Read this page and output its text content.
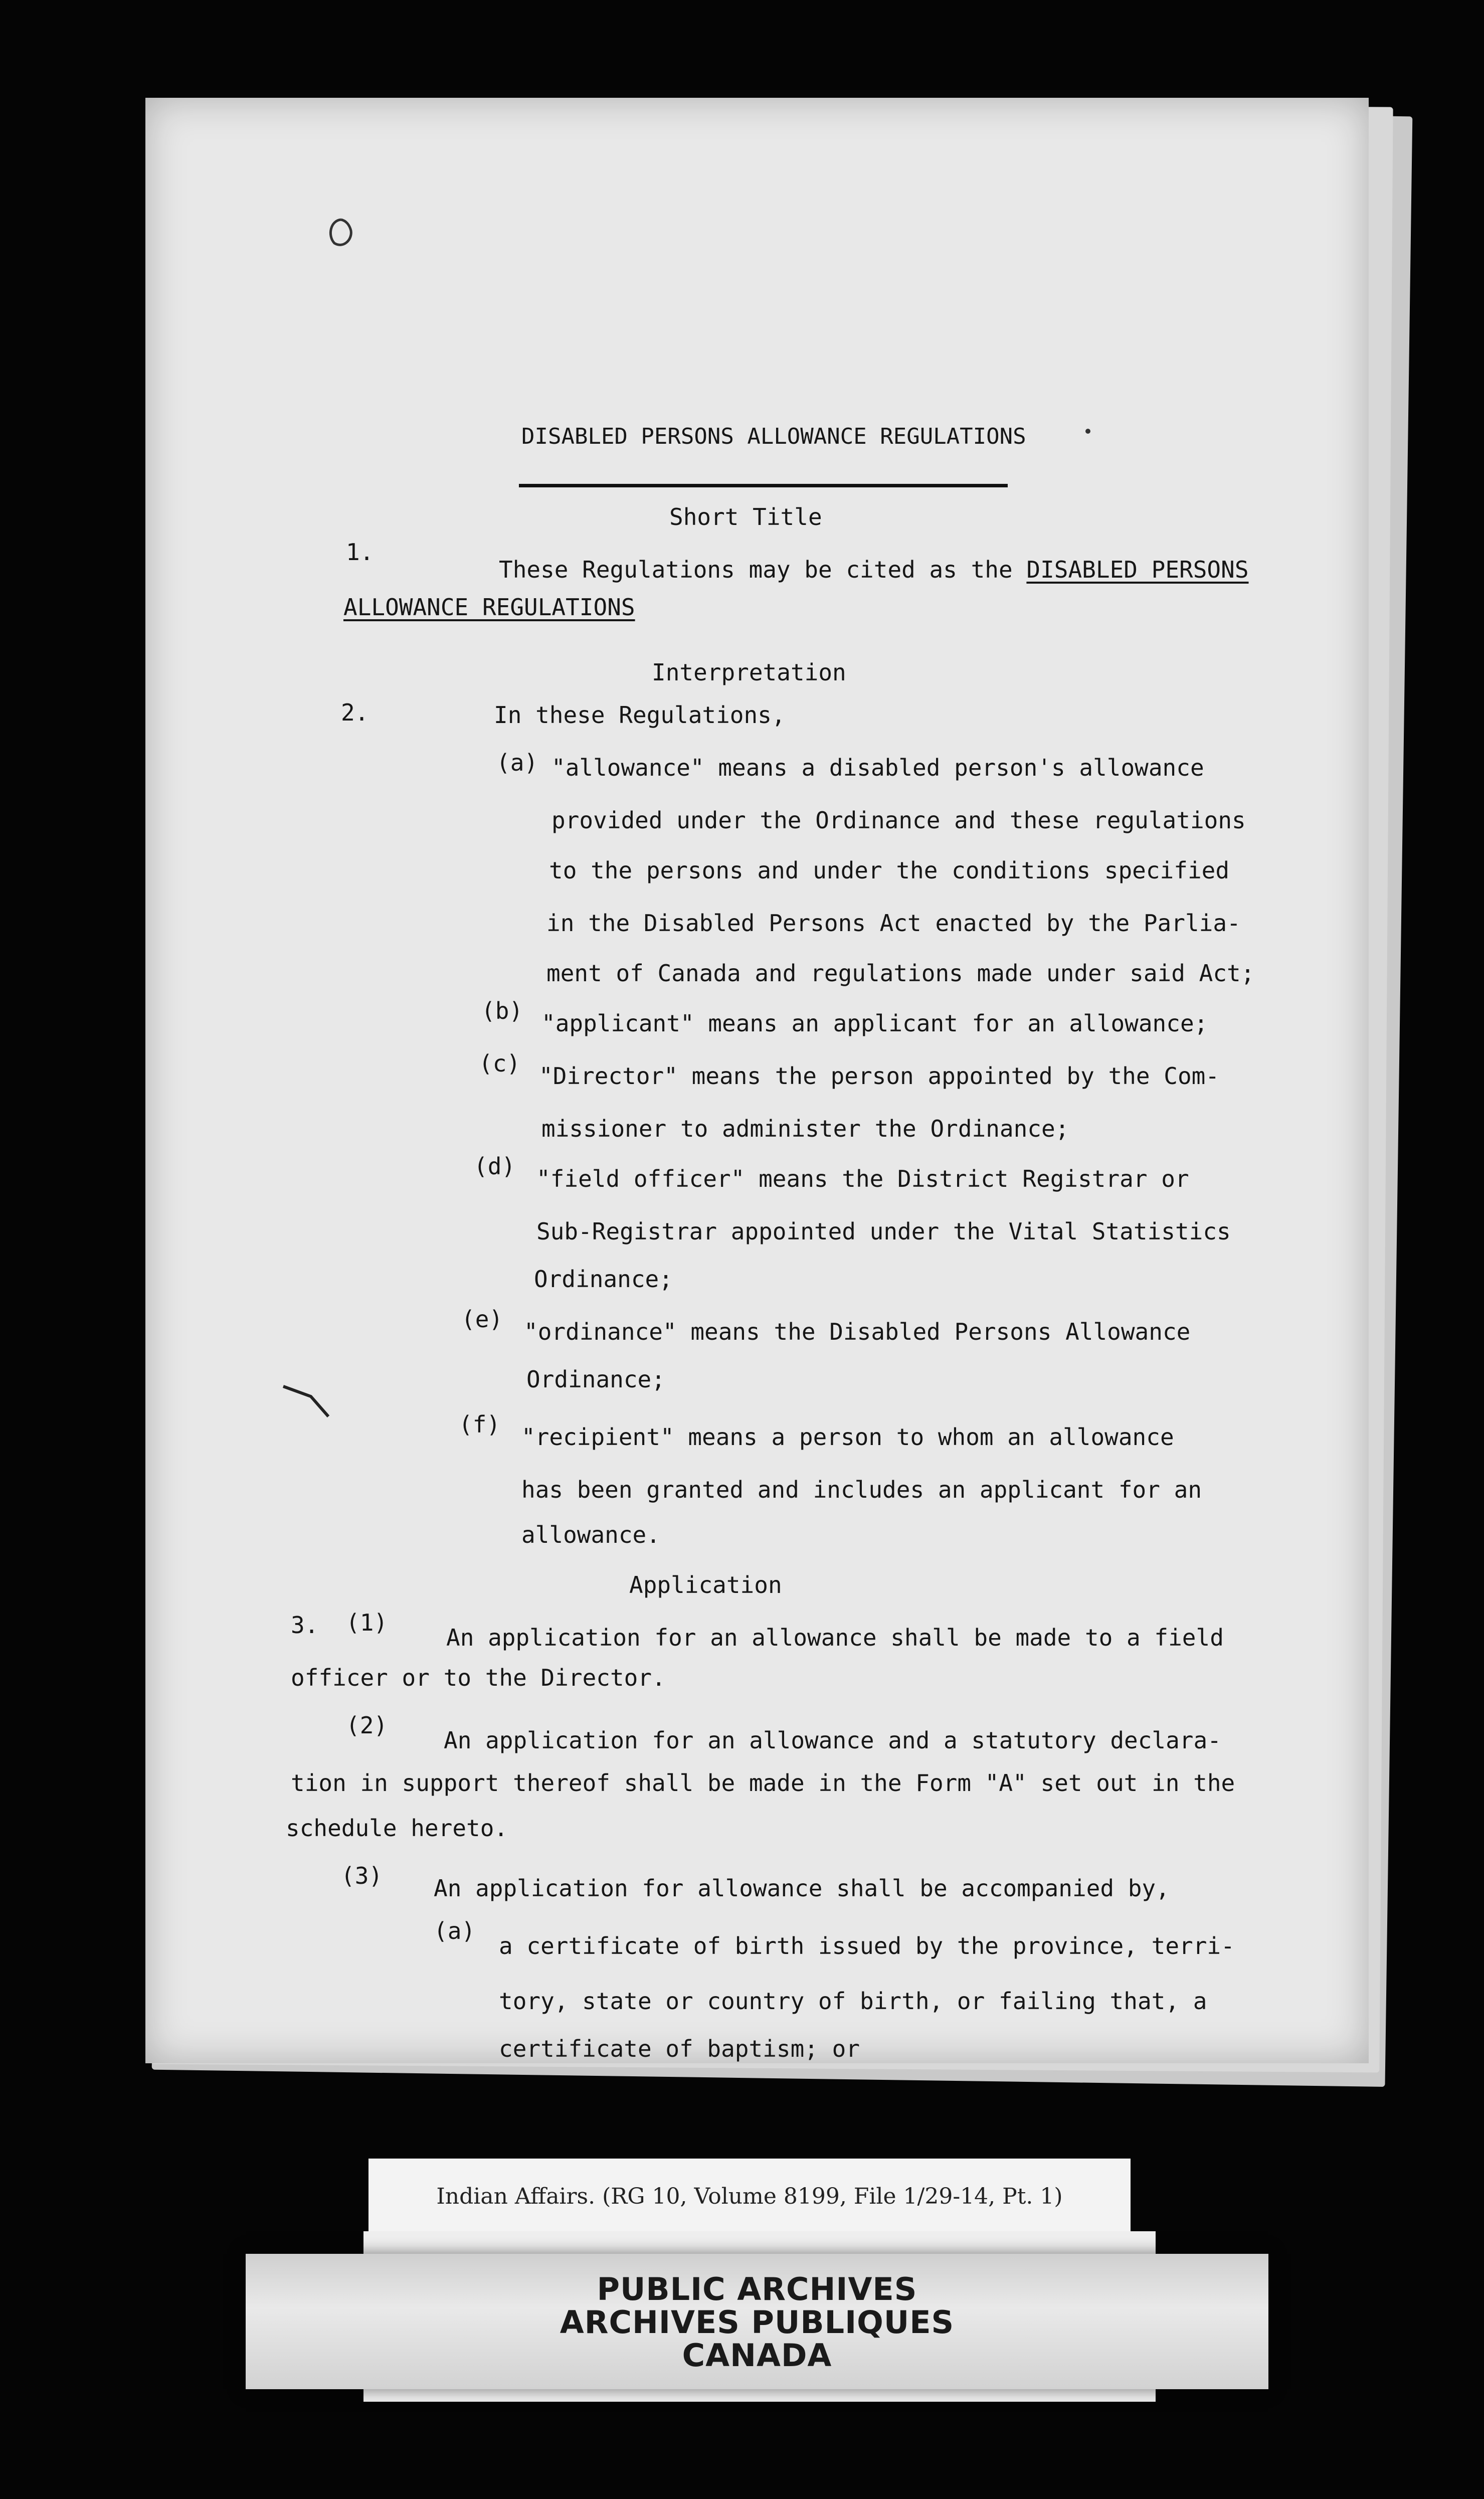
DISABLED PERSONS ALLOWANCE REGULATIONS
Short Title
1.
These Regulations may be cited as the DISABLED PERSONS
ALLOWANCE REGULATIONS
Interpretation
2.	In these Regulations,
(a) "allowance" means a disabled person's allowance
provided under the Ordinance and these regulations
to the persons and under the conditions specified
in the Disabled Persons Act enacted by the Parlia-
ment of Canada and regulations made under said Act;
(b) "applicant" means an applicant for an allowance;
(c) "Director" means the person appointed by the Com-
missioner to administer the Ordinance;
(d) "field officer" means the District Registrar or
Sub-Registrar appointed under the Vital Statistics
Ordinance;
(e) "ordinance" means the Disabled Persons Allowance
Ordinance;
(f) "recipient" means a person to whom an allowance
has been granted and includes an applicant for an
allowance.
Application
3. (1)
An application for an allowance shall be made to a field
officer or to the Director.
(2)
An application for an allowance and a statutory declara-
tion in support thereof shall be made in the Form "A" set out in the
schedule hereto.
(3) An application for allowance shall be accompanied by,
(a)
a certificate of birth issued by the province, terri-
tory, state or country of birth, or failing that, a
certificate of baptism; or
Indian Affairs. (RG 10, Volume 8199, File 1/29-14, Pt. 1)
PUBLIC ARCHIVES
ARCHIVES PUBLIQUES
CANADA
